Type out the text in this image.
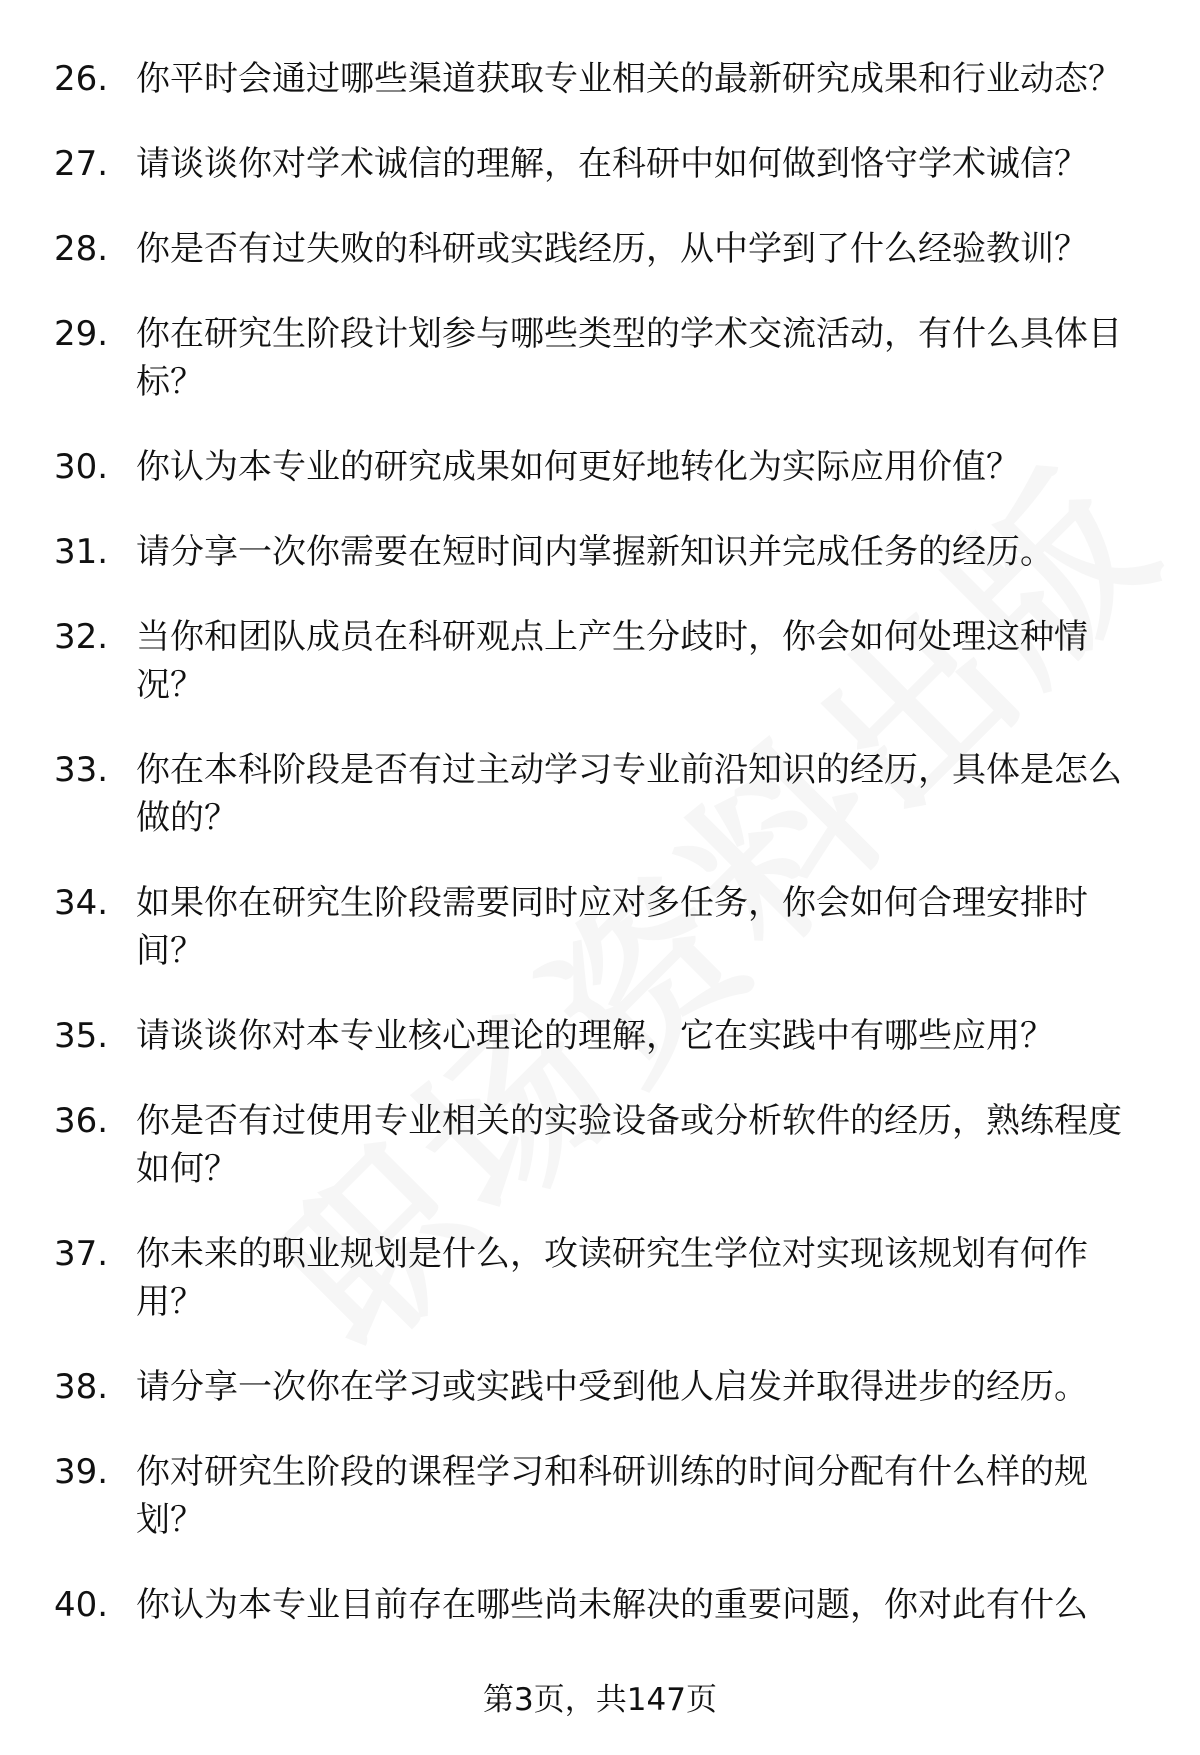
26. 你平时会通过哪些渠道获取专业相关的最新研究成果和行业动态？
27. 请谈谈你对学术诚信的理解，在科研中如何做到恪守学术诚信？
28. 你是否有过失败的科研或实践经历，从中学到了什么经验教训？
29. 你在研究生阶段计划参与哪些类型的学术交流活动，有什么具体目标？
30. 你认为本专业的研究成果如何更好地转化为实际应用价值？
31. 请分享一次你需要在短时间内掌握新知识并完成任务的经历。
32. 当你和团队成员在科研观点上产生分歧时，你会如何处理这种情况？
33. 你在本科阶段是否有过主动学习专业前沿知识的经历，具体是怎么做的？
34. 如果你在研究生阶段需要同时应对多任务，你会如何合理安排时间？
35. 请谈谈你对本专业核心理论的理解，它在实践中有哪些应用？
36. 你是否有过使用专业相关的实验设备或分析软件的经历，熟练程度如何？
37. 你未来的职业规划是什么，攻读研究生学位对实现该规划有何作用？
38. 请分享一次你在学习或实践中受到他人启发并取得进步的经历。
39. 你对研究生阶段的课程学习和科研训练的时间分配有什么样的规划？
40. 你认为本专业目前存在哪些尚未解决的重要问题，你对此有什么
第3页，共147页
